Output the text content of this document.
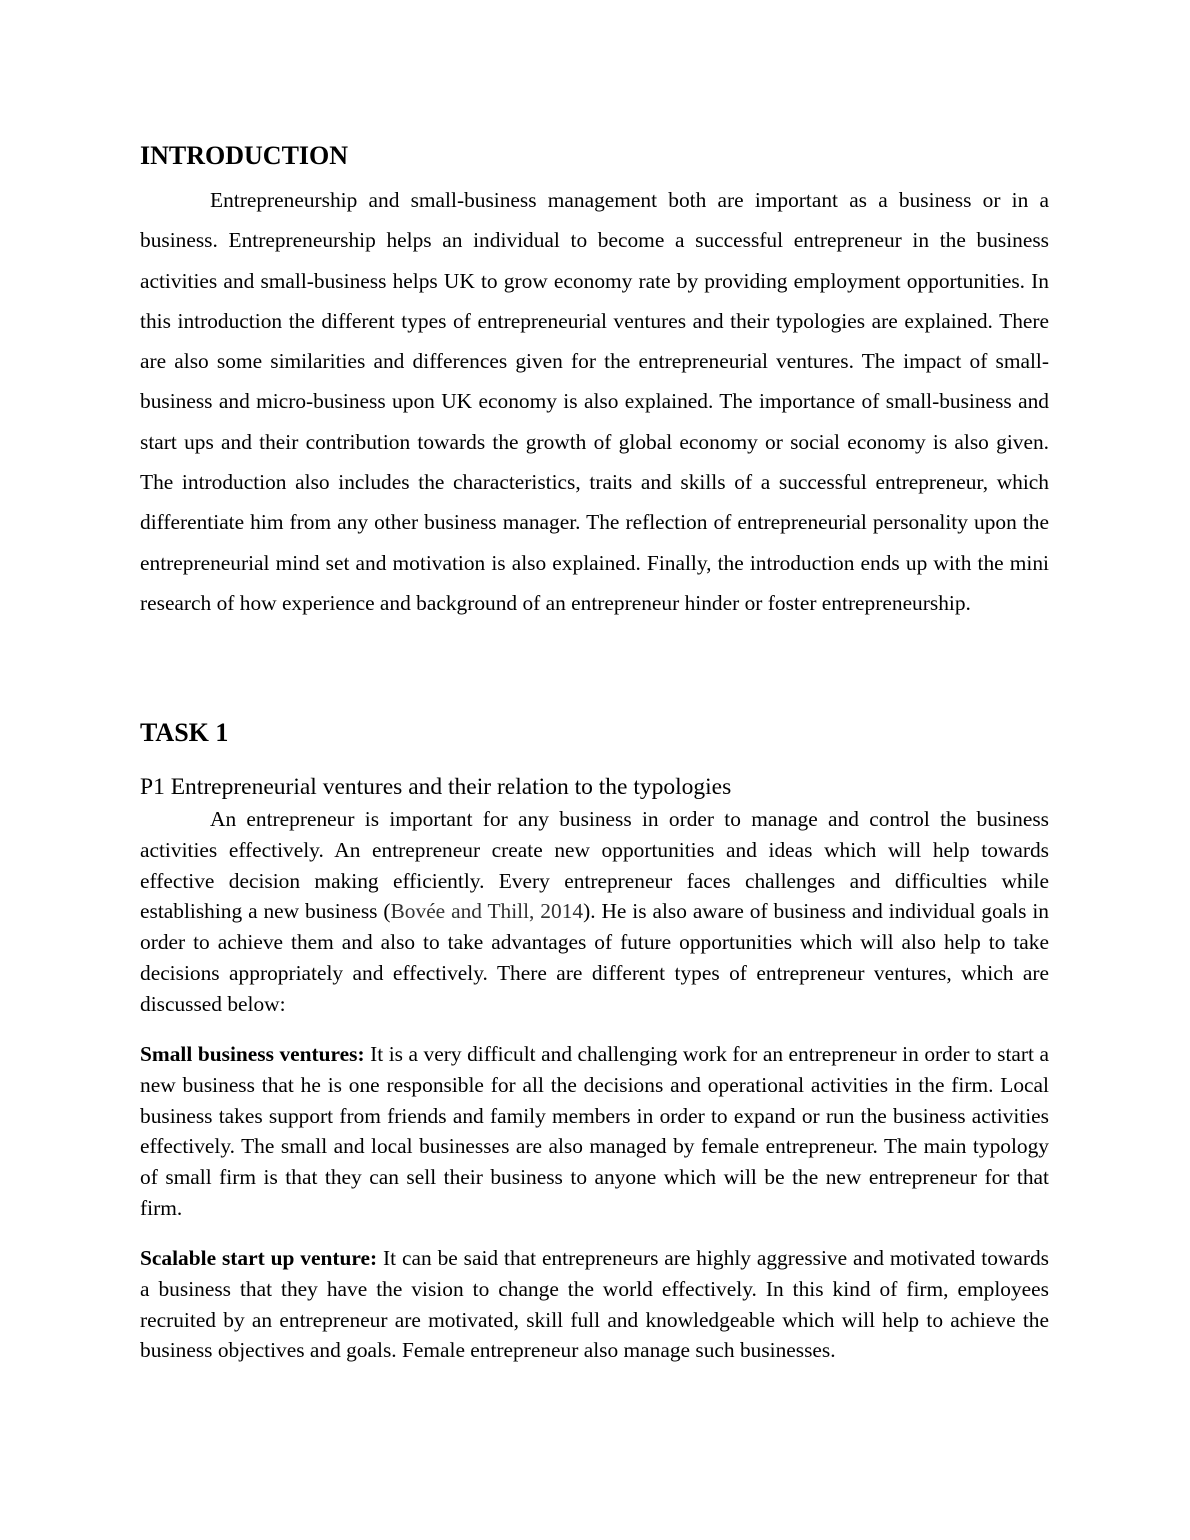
INTRODUCTION

Entrepreneurship and small-business management both are important as a business or in a business. Entrepreneurship helps an individual to become a successful entrepreneur in the business activities and small-business helps UK to grow economy rate by providing employment opportunities. In this introduction the different types of entrepreneurial ventures and their typologies are explained. There are also some similarities and differences given for the entrepreneurial ventures. The impact of small-business and micro-business upon UK economy is also explained. The importance of small-business and start ups and their contribution towards the growth of global economy or social economy is also given. The introduction also includes the characteristics, traits and skills of a successful entrepreneur, which differentiate him from any other business manager. The reflection of entrepreneurial personality upon the entrepreneurial mind set and motivation is also explained. Finally, the introduction ends up with the mini research of how experience and background of an entrepreneur hinder or foster entrepreneurship.

TASK 1

P1 Entrepreneurial ventures and their relation to the typologies

An entrepreneur is important for any business in order to manage and control the business activities effectively. An entrepreneur create new opportunities and ideas which will help towards effective decision making efficiently. Every entrepreneur faces challenges and difficulties while establishing a new business (Bovée and Thill, 2014). He is also aware of business and individual goals in order to achieve them and also to take advantages of future opportunities which will also help to take decisions appropriately and effectively. There are different types of entrepreneur ventures, which are discussed below:

Small business ventures: It is a very difficult and challenging work for an entrepreneur in order to start a new business that he is one responsible for all the decisions and operational activities in the firm. Local business takes support from friends and family members in order to expand or run the business activities effectively. The small and local businesses are also managed by female entrepreneur. The main typology of small firm is that they can sell their business to anyone which will be the new entrepreneur for that firm.

Scalable start up venture: It can be said that entrepreneurs are highly aggressive and motivated towards a business that they have the vision to change the world effectively. In this kind of firm, employees recruited by an entrepreneur are motivated, skill full and knowledgeable which will help to achieve the business objectives and goals. Female entrepreneur also manage such businesses.
